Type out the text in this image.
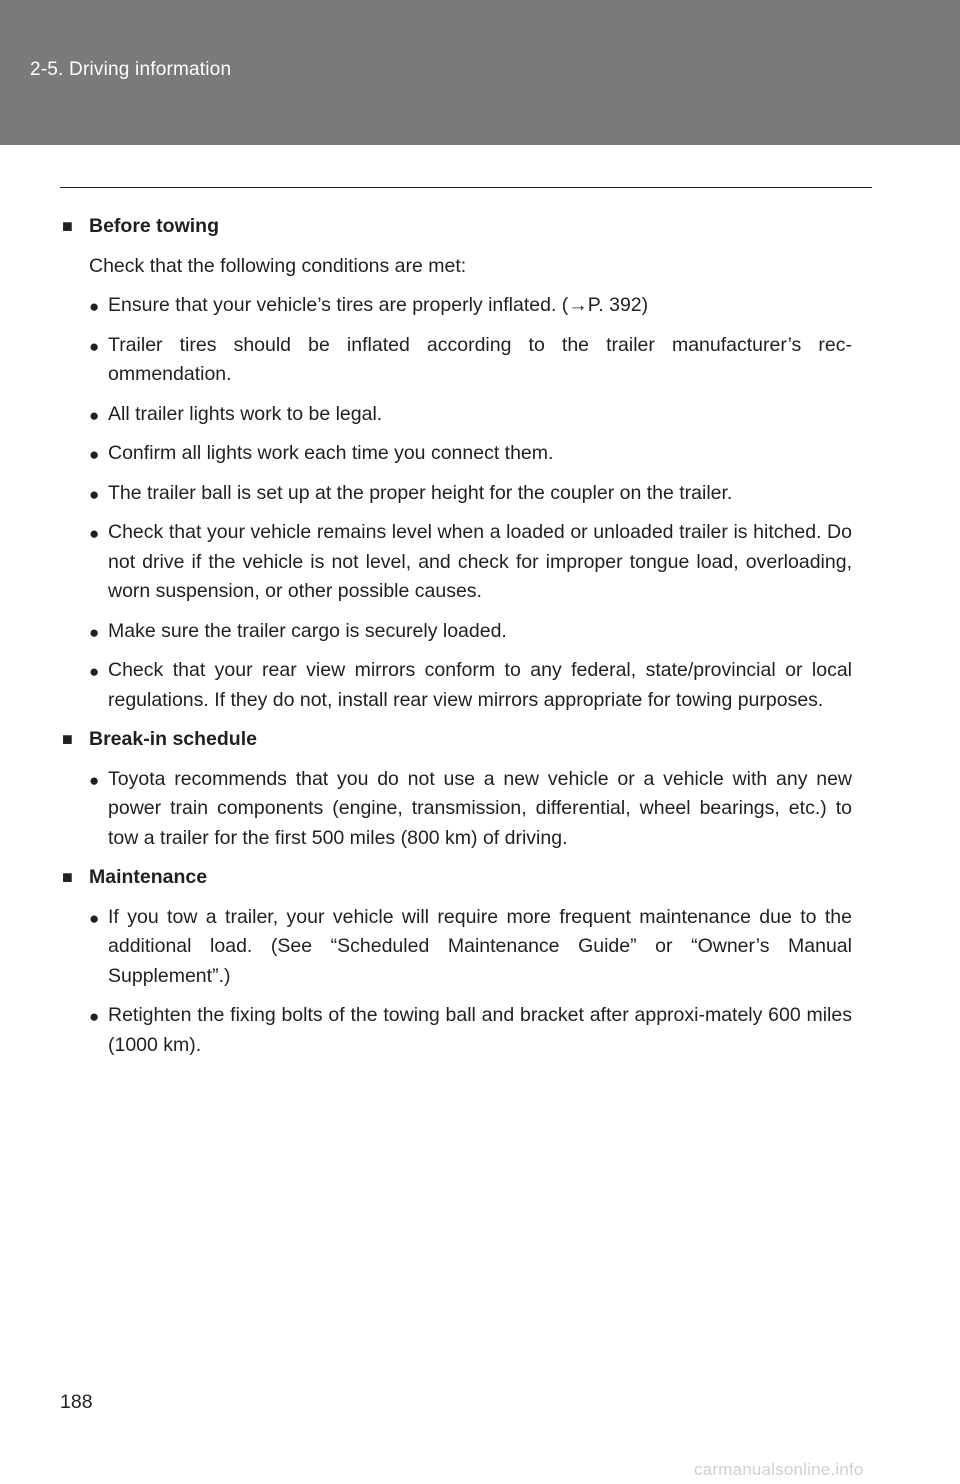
2-5. Driving information
■ Before towing
Check that the following conditions are met:
● Ensure that your vehicle’s tires are properly inflated. (→P. 392)
● Trailer tires should be inflated according to the trailer manufacturer’s rec-ommendation.
● All trailer lights work to be legal.
● Confirm all lights work each time you connect them.
● The trailer ball is set up at the proper height for the coupler on the trailer.
● Check that your vehicle remains level when a loaded or unloaded trailer is hitched. Do not drive if the vehicle is not level, and check for improper tongue load, overloading, worn suspension, or other possible causes.
● Make sure the trailer cargo is securely loaded.
● Check that your rear view mirrors conform to any federal, state/provincial or local regulations. If they do not, install rear view mirrors appropriate for towing purposes.
■ Break-in schedule
● Toyota recommends that you do not use a new vehicle or a vehicle with any new power train components (engine, transmission, differential, wheel bearings, etc.) to tow a trailer for the first 500 miles (800 km) of driving.
■ Maintenance
● If you tow a trailer, your vehicle will require more frequent maintenance due to the additional load. (See “Scheduled Maintenance Guide” or “Owner’s Manual Supplement”.)
● Retighten the fixing bolts of the towing ball and bracket after approxi-mately 600 miles (1000 km).
188
carmanualsonline.info
